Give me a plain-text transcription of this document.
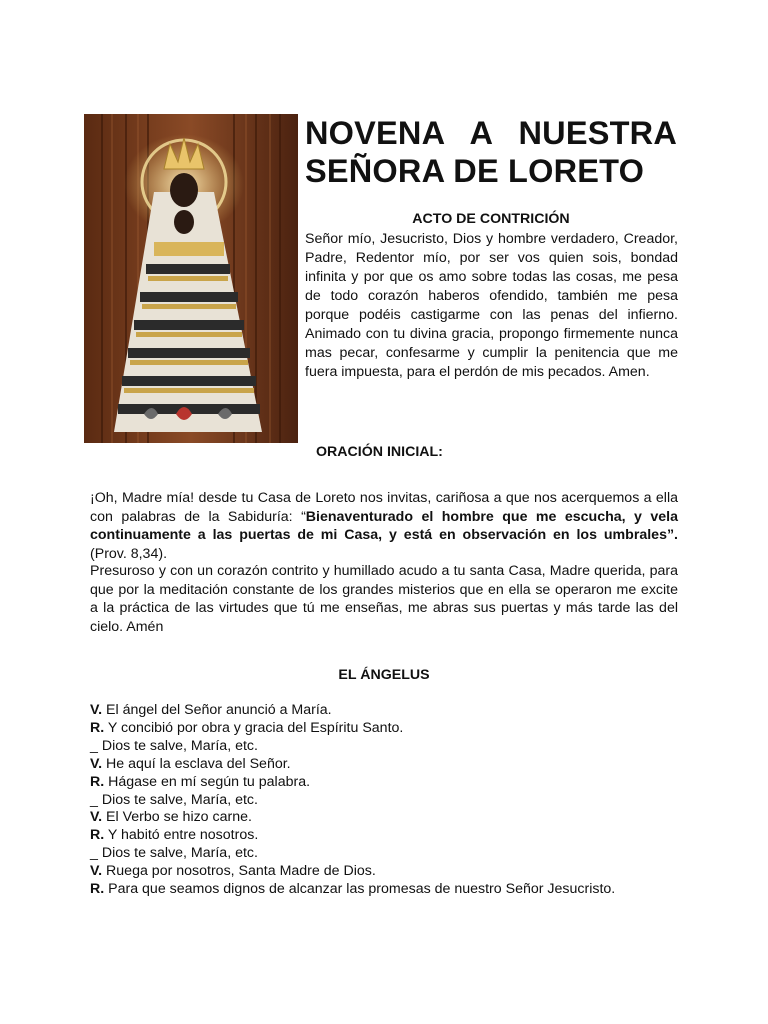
NOVENA A NUESTRA
SEÑORA DE LORETO
ACTO DE CONTRICIÓN

Señor mío, Jesucristo, Dios y hombre verdadero, Creador, Padre, Redentor mío, por ser vos quien sois, bondad infinita y por que os amo sobre todas las cosas, me pesa de todo corazón haberos ofendido, también me pesa porque podéis castigarme con las penas del infierno. Animado con tu divina gracia, propongo firmemente nunca mas pecar, confesarme y cumplir la penitencia que me fuera impuesta, para el perdón de mis pecados. Amen.

ORACIÓN INICIAL:

¡Oh, Madre mía! desde tu Casa de Loreto nos invitas, cariñosa a que nos acerquemos a ella con palabras de la Sabiduría: “Bienaventurado el hombre que me escucha, y vela continuamente a las puertas de mi Casa, y está en observación en los umbrales”. (Prov. 8,34).

Presuroso y con un corazón contrito y humillado acudo a tu santa Casa, Madre querida, para que por la meditación constante de los grandes misterios que en ella se operaron me excite a la práctica de las virtudes que tú me enseñas, me abras sus puertas y más tarde las del cielo. Amén

EL ÁNGELUS
V. El ángel del Señor anunció a María.
R. Y concibió por obra y gracia del Espíritu Santo.
_ Dios te salve, María, etc.
V. He aquí la esclava del Señor.
R. Hágase en mí según tu palabra.
_ Dios te salve, María, etc.
V. El Verbo se hizo carne.
R. Y habitó entre nosotros.
_ Dios te salve, María, etc.
V. Ruega por nosotros, Santa Madre de Dios.
R. Para que seamos dignos de alcanzar las promesas de nuestro Señor Jesucristo.
